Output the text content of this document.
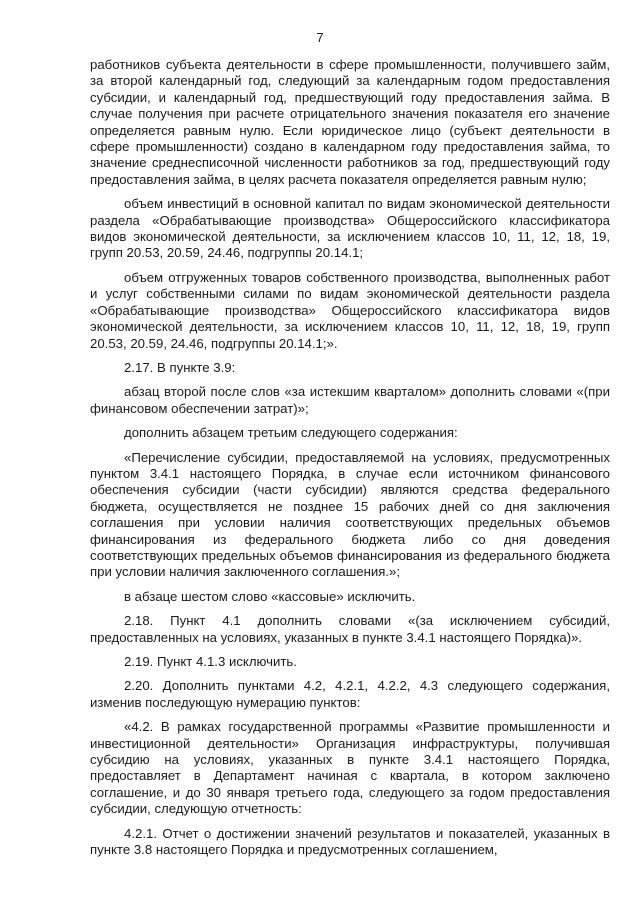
7

работников субъекта деятельности в сфере промышленности, получившего займ, за второй календарный год, следующий за календарным годом предоставления субсидии, и календарный год, предшествующий году предоставления займа. В случае получения при расчете отрицательного значения показателя его значение определяется равным нулю. Если юридическое лицо (субъект деятельности в сфере промышленности) создано в календарном году предоставления займа, то значение среднесписочной численности работников за год, предшествующий году предоставления займа, в целях расчета показателя определяется равным нулю;

объем инвестиций в основной капитал по видам экономической деятельности раздела «Обрабатывающие производства» Общероссийского классификатора видов экономической деятельности, за исключением классов 10, 11, 12, 18, 19, групп 20.53, 20.59, 24.46, подгруппы 20.14.1;

объем отгруженных товаров собственного производства, выполненных работ и услуг собственными силами по видам экономической деятельности раздела «Обрабатывающие производства» Общероссийского классификатора видов экономической деятельности, за исключением классов 10, 11, 12, 18, 19, групп 20.53, 20.59, 24.46, подгруппы 20.14.1;».

2.17. В пункте 3.9:

абзац второй после слов «за истекшим кварталом» дополнить словами «(при финансовом обеспечении затрат)»;

дополнить абзацем третьим следующего содержания:

«Перечисление субсидии, предоставляемой на условиях, предусмотренных пунктом 3.4.1 настоящего Порядка, в случае если источником финансового обеспечения субсидии (части субсидии) являются средства федерального бюджета, осуществляется не позднее 15 рабочих дней со дня заключения соглашения при условии наличия соответствующих предельных объемов финансирования из федерального бюджета либо со дня доведения соответствующих предельных объемов финансирования из федерального бюджета при условии наличия заключенного соглашения.»;

в абзаце шестом слово «кассовые» исключить.

2.18. Пункт 4.1 дополнить словами «(за исключением субсидий, предоставленных на условиях, указанных в пункте 3.4.1 настоящего Порядка)».

2.19. Пункт 4.1.3 исключить.

2.20. Дополнить пунктами 4.2, 4.2.1, 4.2.2, 4.3 следующего содержания, изменив последующую нумерацию пунктов:

«4.2. В рамках государственной программы «Развитие промышленности и инвестиционной деятельности» Организация инфраструктуры, получившая субсидию на условиях, указанных в пункте 3.4.1 настоящего Порядка, предоставляет в Департамент начиная с квартала, в котором заключено соглашение, и до 30 января третьего года, следующего за годом предоставления субсидии, следующую отчетность:

4.2.1. Отчет о достижении значений результатов и показателей, указанных в пункте 3.8 настоящего Порядка и предусмотренных соглашением,
